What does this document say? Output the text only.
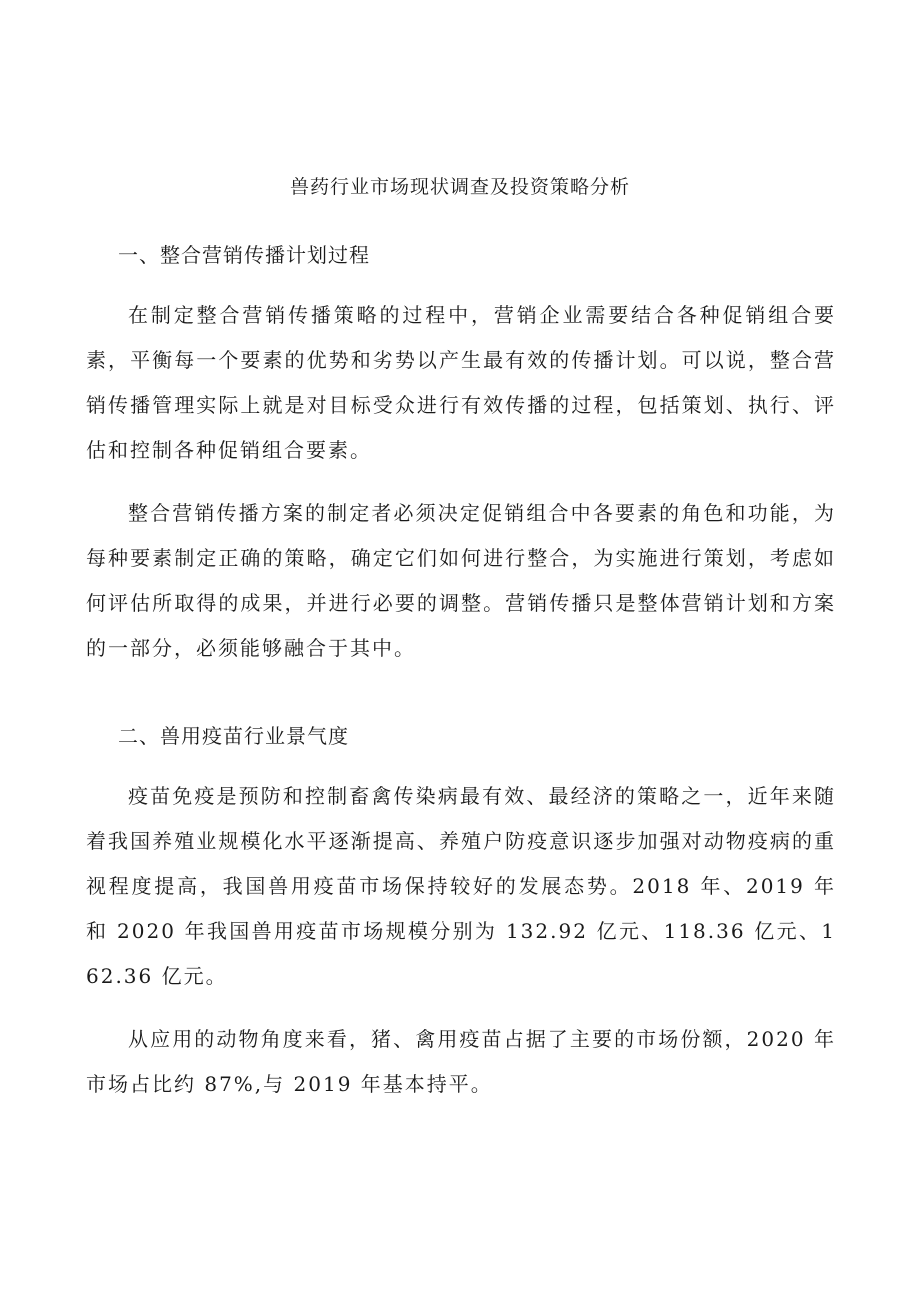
兽药行业市场现状调查及投资策略分析
一、整合营销传播计划过程

在制定整合营销传播策略的过程中，营销企业需要结合各种促销组合要素，平衡每一个要素的优势和劣势以产生最有效的传播计划。可以说，整合营销传播管理实际上就是对目标受众进行有效传播的过程，包括策划、执行、评估和控制各种促销组合要素。

整合营销传播方案的制定者必须决定促销组合中各要素的角色和功能，为每种要素制定正确的策略，确定它们如何进行整合，为实施进行策划，考虑如何评估所取得的成果，并进行必要的调整。营销传播只是整体营销计划和方案的一部分，必须能够融合于其中。

二、兽用疫苗行业景气度

疫苗免疫是预防和控制畜禽传染病最有效、最经济的策略之一，近年来随着我国养殖业规模化水平逐渐提高、养殖户防疫意识逐步加强对动物疫病的重视程度提高，我国兽用疫苗市场保持较好的发展态势。2018 年、2019 年和 2020 年我国兽用疫苗市场规模分别为 132.92 亿元、118.36 亿元、162.36 亿元。

从应用的动物角度来看，猪、禽用疫苗占据了主要的市场份额，2020 年市场占比约 87%,与 2019 年基本持平。
